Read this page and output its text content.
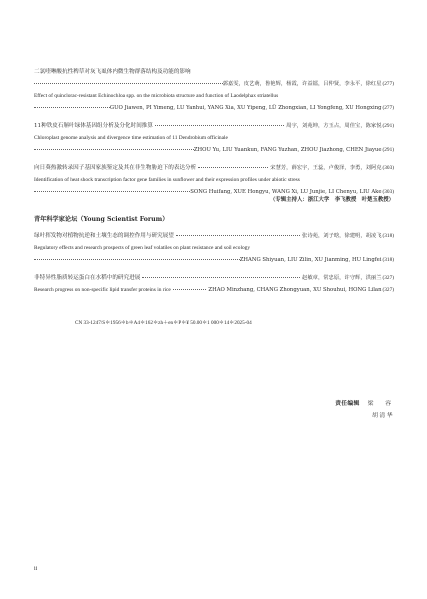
二氯喹啉酸抗性稗草对灰飞虱体内微生物群落结构及功能的影响
郭嘉雯，皮艺萌，鲁艳辉，杨霞，许益镭，吕仲贤，李永平，徐红星 (277)
Effect of quinclorac-resistant Echinochloa spp. on the microbiota structure and function of Laodelphax striatellus
GUO Jiawen, PI Yimeng, LU Yanhui, YANG Xia, XU Yipeng, LÜ Zhongxian, LI Yongfeng, XU Hongxing (277)
11种铁皮石斛叶绿体基因组分析及分化时间推算	周宇，刘苑坤，方玉占，周佳宝，陈家悦 (291)
Chloroplast genome analysis and divergence time estimation of 11 Dendrobium officinale
ZHOU Yu, LIU Yuankun, FANG Yuzhan, ZHOU Jiazhong, CHEN Jiayue (291)
向日葵热激转录因子基因家族鉴定及其在非生物胁迫下的表达分析	宋慧芳，薛宏宇，王蕊，卢俊泽，李勇，刘阿克 (303)
Identification of heat shock transcription factor gene families in sunflower and their expression profiles under abiotic stress
SONG Huifang, XUE Hongyu, WANG Xi, LU Junjie, LI Chenyu, LIU Ake (303)
（专辑主持人：浙江大学　李飞教授　叶楚玉教授）
青年科学家论坛（Young Scientist Forum）
绿叶挥发物对植物抗逆和土壤生态的调控作用与研究展望	张诗苑，刘子晗，徐建明，胡凌飞 (318)
Regulatory effects and research prospects of green leaf volatiles on plant resistance and soil ecology
ZHANG Shiyuan, LIU Zilin, XU Jianming, HU Lingfei (318)
非特异性脂质转运蛋白在水稻中的研究进展	赵敏章，常忠原，许守辉，洪丽兰 (327)
Research progress on non-specific lipid transfer proteins in rice	ZHAO Minzhang, CHANG Zhongyuan, XU Shouhui, HONG Lilan (327)
CN 33-1247/S＊1956＊b＊A4＊162＊zh＋en＊P＊¥ 50.00＊1 000＊14＊2025-04
责任编辑 梁　容
胡清华
ii
